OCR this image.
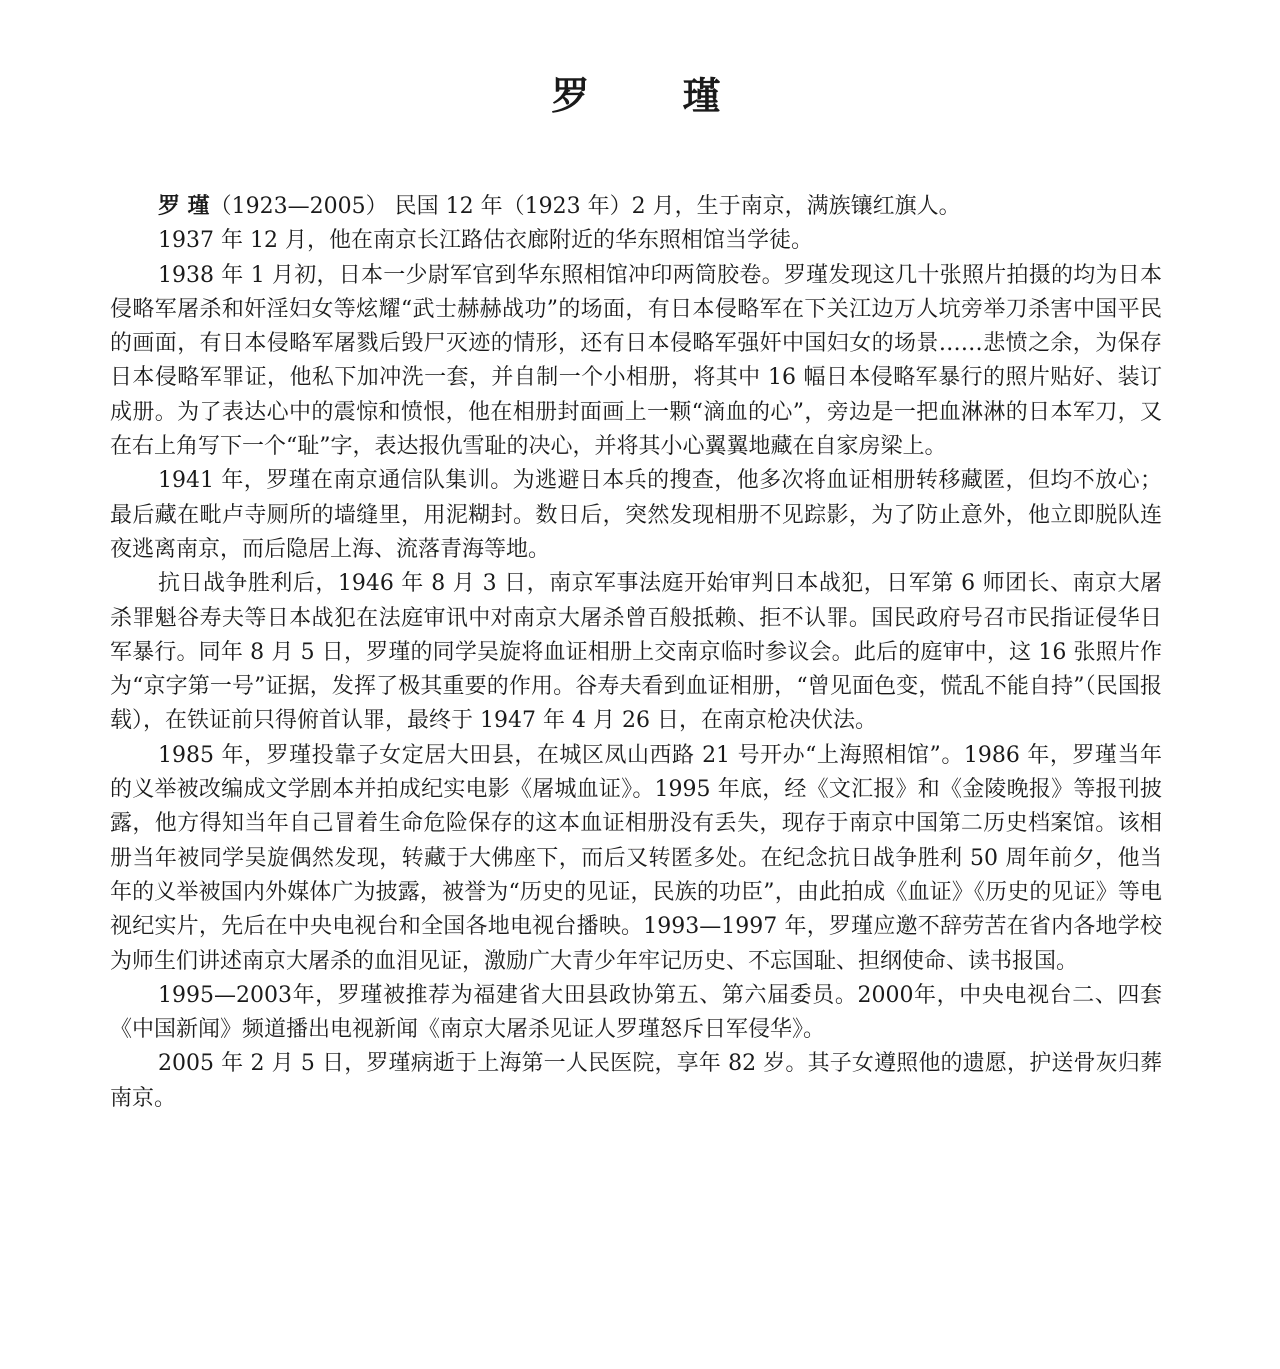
罗 瑾

罗 瑾（1923—2005） 民国 12 年（1923 年）2 月，生于南京，满族镶红旗人。

1937 年 12 月，他在南京长江路估衣廊附近的华东照相馆当学徒。

1938 年 1 月初，日本一少尉军官到华东照相馆冲印两筒胶卷。罗瑾发现这几十张照片拍摄的均为日本侵略军屠杀和奸淫妇女等炫耀“武士赫赫战功”的场面，有日本侵略军在下关江边万人坑旁举刀杀害中国平民的画面，有日本侵略军屠戮后毁尸灭迹的情形，还有日本侵略军强奸中国妇女的场景……悲愤之余，为保存日本侵略军罪证，他私下加冲洗一套，并自制一个小相册，将其中 16 幅日本侵略军暴行的照片贴好、装订成册。为了表达心中的震惊和愤恨，他在相册封面画上一颗“滴血的心”，旁边是一把血淋淋的日本军刀，又在右上角写下一个“耻”字，表达报仇雪耻的决心，并将其小心翼翼地藏在自家房梁上。

1941 年，罗瑾在南京通信队集训。为逃避日本兵的搜查，他多次将血证相册转移藏匿，但均不放心；最后藏在毗卢寺厕所的墙缝里，用泥糊封。数日后，突然发现相册不见踪影，为了防止意外，他立即脱队连夜逃离南京，而后隐居上海、流落青海等地。

抗日战争胜利后，1946 年 8 月 3 日，南京军事法庭开始审判日本战犯，日军第 6 师团长、南京大屠杀罪魁谷寿夫等日本战犯在法庭审讯中对南京大屠杀曾百般抵赖、拒不认罪。国民政府号召市民指证侵华日军暴行。同年 8 月 5 日，罗瑾的同学吴旋将血证相册上交南京临时参议会。此后的庭审中，这 16 张照片作为“京字第一号”证据，发挥了极其重要的作用。谷寿夫看到血证相册，“曾见面色变，慌乱不能自持”（民国报载），在铁证前只得俯首认罪，最终于 1947 年 4 月 26 日，在南京枪决伏法。

1985 年，罗瑾投靠子女定居大田县，在城区凤山西路 21 号开办“上海照相馆”。1986 年，罗瑾当年的义举被改编成文学剧本并拍成纪实电影《屠城血证》。1995 年底，经《文汇报》和《金陵晚报》等报刊披露，他方得知当年自己冒着生命危险保存的这本血证相册没有丢失，现存于南京中国第二历史档案馆。该相册当年被同学吴旋偶然发现，转藏于大佛座下，而后又转匿多处。在纪念抗日战争胜利 50 周年前夕，他当年的义举被国内外媒体广为披露，被誉为“历史的见证，民族的功臣”，由此拍成《血证》《历史的见证》等电视纪实片，先后在中央电视台和全国各地电视台播映。1993—1997 年，罗瑾应邀不辞劳苦在省内各地学校为师生们讲述南京大屠杀的血泪见证，激励广大青少年牢记历史、不忘国耻、担纲使命、读书报国。

1995—2003年，罗瑾被推荐为福建省大田县政协第五、第六届委员。2000年，中央电视台二、四套《中国新闻》频道播出电视新闻《南京大屠杀见证人罗瑾怒斥日军侵华》。

2005 年 2 月 5 日，罗瑾病逝于上海第一人民医院，享年 82 岁。其子女遵照他的遗愿，护送骨灰归葬南京。
